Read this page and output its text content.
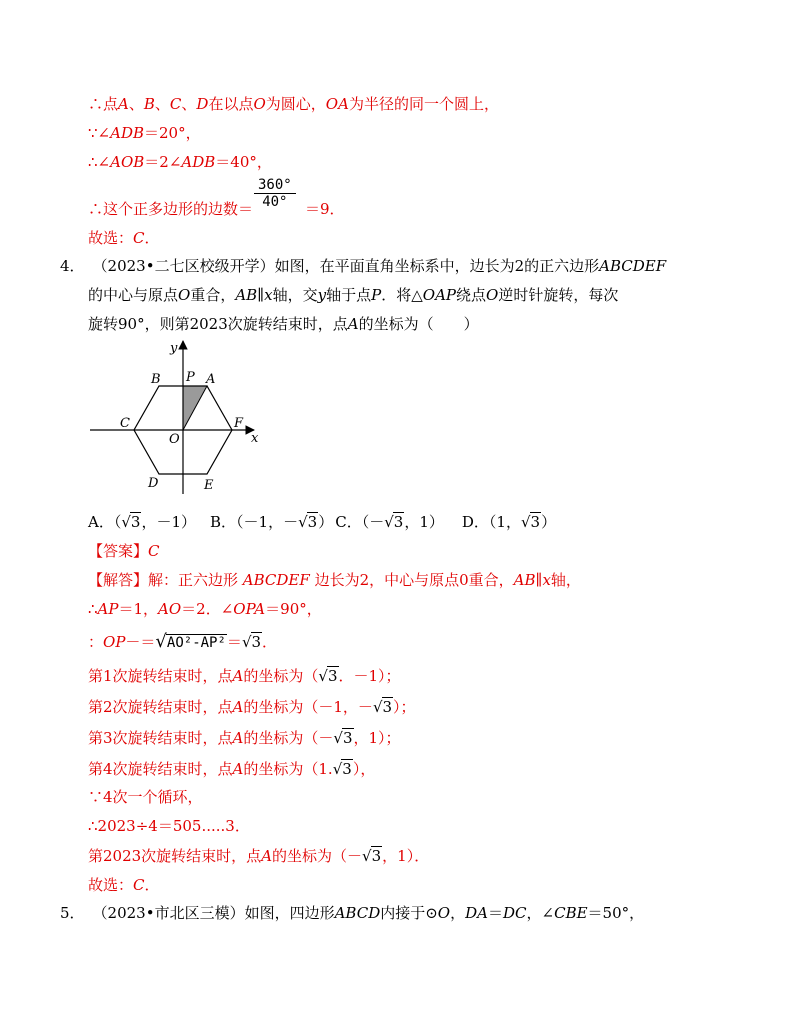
∴点A、B、C、D在以点O为圆心，OA为半径的同一个圆上，
∵∠ADB＝20°，
∴∠AOB＝2∠ADB＝40°，
∴这个正多边形的边数＝	＝9．
360°
40°
故选：C．
4． （2023•二七区校级开学）如图，在平面直角坐标系中，边长为2的正六边形ABCDEF
的中心与原点O重合，AB∥x轴，交y轴于点P．将△OAP绕点O逆时针旋转，每次
旋转90°，则第2023次旋转结束时，点A的坐标为（　　）
y
x
B P A
C
O
F
D	E
A．（√3，－1） B．（－1，－√3） C．（－√3，1） D．（1，√3）
【答案】C
【解答】解：正六边形 ABCDEF 边长为2，中心与原点0重合，AB∥x轴，
∴AP＝1，AO＝2．∠OPA＝90°，
：OP－＝√AO²-AP²＝√3．
第1次旋转结束时，点A的坐标为（√3．－1）；
第2次旋转结束时，点A的坐标为（－1，－√3）；
第3次旋转结束时，点A的坐标为（－√3，1）；
第4次旋转结束时，点A的坐标为（1.√3），
∵4次一个循环，
∴2023÷4＝505.....3．
第2023次旋转结束时，点A的坐标为（－√3，1）．
故选：C．
5． （2023•市北区三模）如图，四边形ABCD内接于⊙O，DA＝DC，∠CBE＝50°，
